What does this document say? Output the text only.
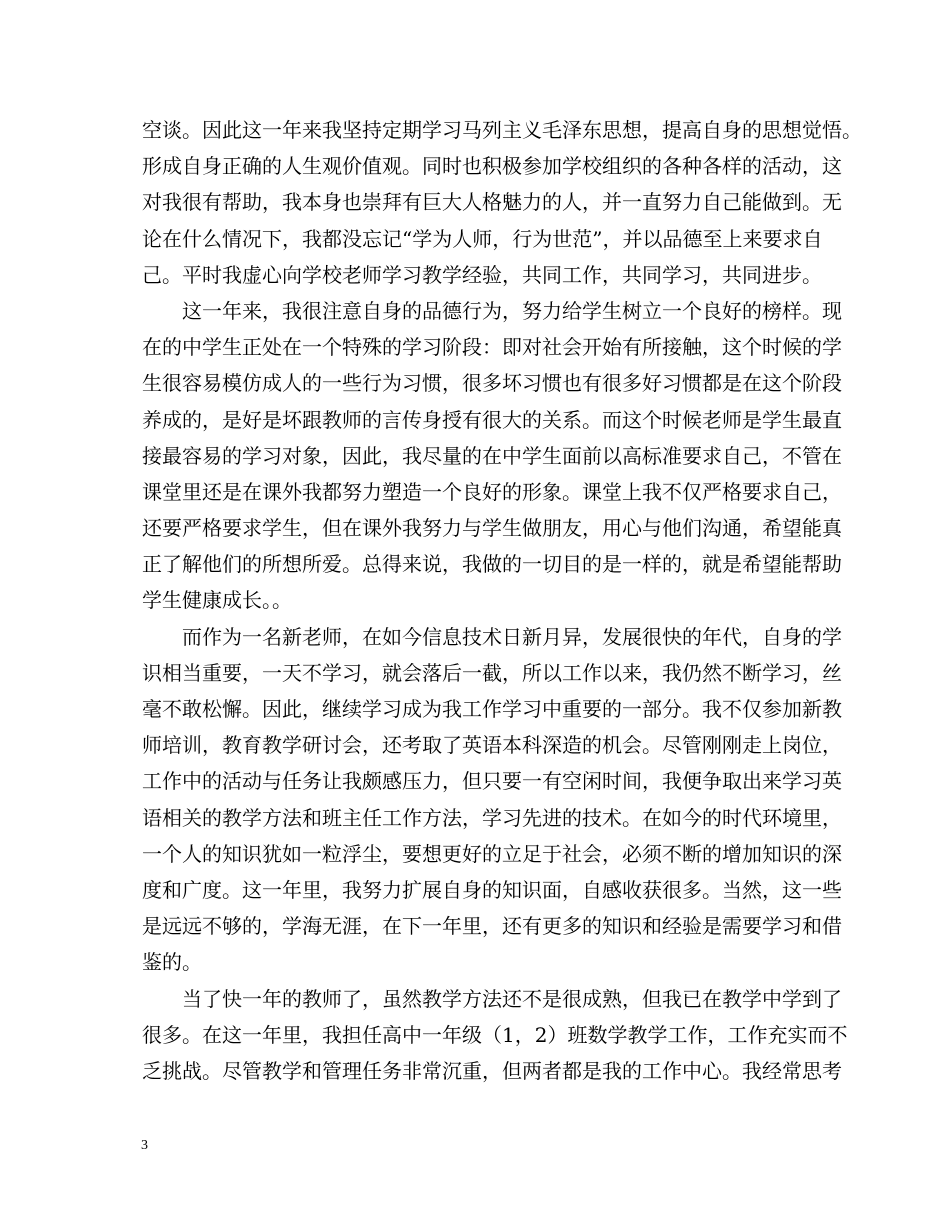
空谈。因此这一年来我坚持定期学习马列主义毛泽东思想，提高自身的思想觉悟。
形成自身正确的人生观价值观。同时也积极参加学校组织的各种各样的活动，这
对我很有帮助，我本身也崇拜有巨大人格魅力的人，并一直努力自己能做到。无
论在什么情况下，我都没忘记“学为人师，行为世范”，并以品德至上来要求自
己。平时我虚心向学校老师学习教学经验，共同工作，共同学习，共同进步。
　　这一年来，我很注意自身的品德行为，努力给学生树立一个良好的榜样。现
在的中学生正处在一个特殊的学习阶段：即对社会开始有所接触，这个时候的学
生很容易模仿成人的一些行为习惯，很多坏习惯也有很多好习惯都是在这个阶段
养成的，是好是坏跟教师的言传身授有很大的关系。而这个时候老师是学生最直
接最容易的学习对象，因此，我尽量的在中学生面前以高标准要求自己，不管在
课堂里还是在课外我都努力塑造一个良好的形象。课堂上我不仅严格要求自己，
还要严格要求学生，但在课外我努力与学生做朋友，用心与他们沟通，希望能真
正了解他们的所想所爱。总得来说，我做的一切目的是一样的，就是希望能帮助
学生健康成长。。
　　而作为一名新老师，在如今信息技术日新月异，发展很快的年代，自身的学
识相当重要，一天不学习，就会落后一截，所以工作以来，我仍然不断学习，丝
毫不敢松懈。因此，继续学习成为我工作学习中重要的一部分。我不仅参加新教
师培训，教育教学研讨会，还考取了英语本科深造的机会。尽管刚刚走上岗位，
工作中的活动与任务让我颇感压力，但只要一有空闲时间，我便争取出来学习英
语相关的教学方法和班主任工作方法，学习先进的技术。在如今的时代环境里，
一个人的知识犹如一粒浮尘，要想更好的立足于社会，必须不断的增加知识的深
度和广度。这一年里，我努力扩展自身的知识面，自感收获很多。当然，这一些
是远远不够的，学海无涯，在下一年里，还有更多的知识和经验是需要学习和借
鉴的。
　　当了快一年的教师了，虽然教学方法还不是很成熟，但我已在教学中学到了
很多。在这一年里，我担任高中一年级（1，2）班数学教学工作，工作充实而不
乏挑战。尽管教学和管理任务非常沉重，但两者都是我的工作中心。我经常思考
3
